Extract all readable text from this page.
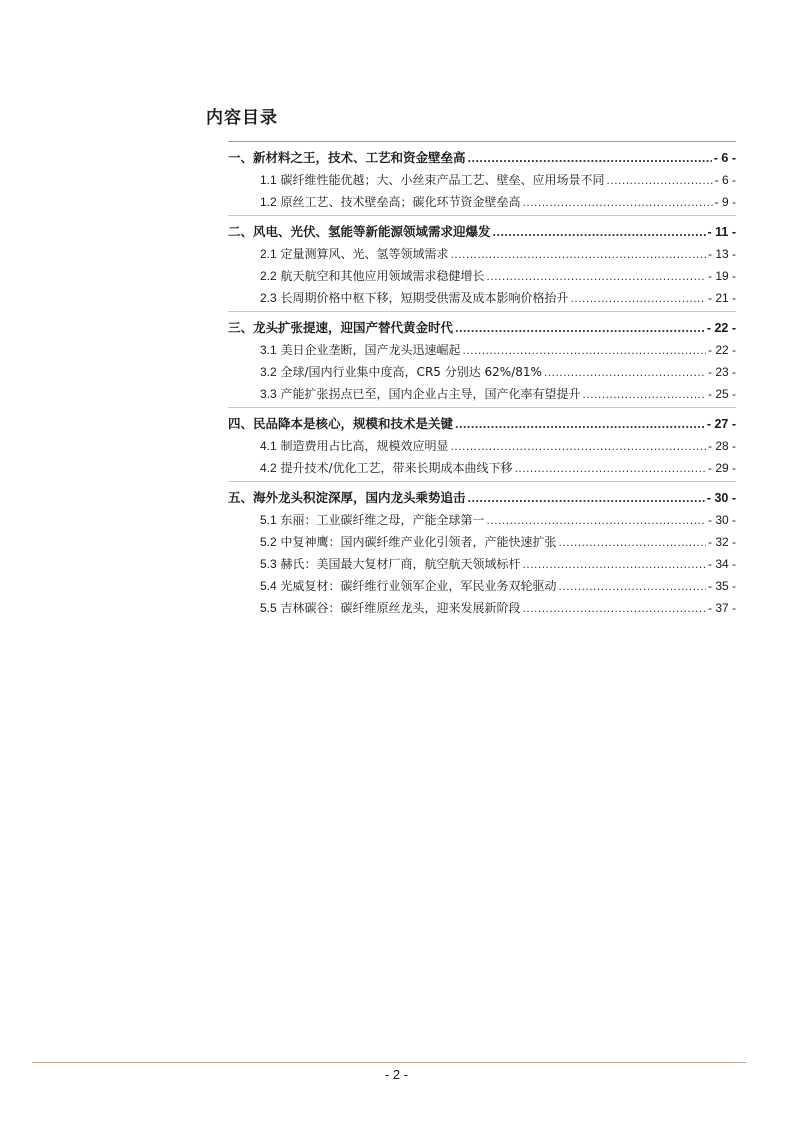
内容目录
一、新材料之王，技术、工艺和资金壁垒高 .....	- 6 -
1.1 碳纤维性能优越；大、小丝束产品工艺、壁垒、应用场景不同 .....	- 6 -
1.2 原丝工艺、技术壁垒高；碳化环节资金壁垒高 .....	- 9 -
二、风电、光伏、氢能等新能源领域需求迎爆发 .....	- 11 -
2.1 定量测算风、光、氢等领域需求 .....	- 13 -
2.2 航天航空和其他应用领域需求稳健增长 .....	- 19 -
2.3 长周期价格中枢下移，短期受供需及成本影响价格抬升 .....	- 21 -
三、龙头扩张提速，迎国产替代黄金时代 .....	- 22 -
3.1 美日企业垄断，国产龙头迅速崛起 .....	- 22 -
3.2 全球/国内行业集中度高，CR5 分别达 62%/81% .....	- 23 -
3.3 产能扩张拐点已至，国内企业占主导，国产化率有望提升 .....	- 25 -
四、民品降本是核心，规模和技术是关键 .....	- 27 -
4.1 制造费用占比高，规模效应明显 .....	- 28 -
4.2 提升技术/优化工艺，带来长期成本曲线下移 .....	- 29 -
五、海外龙头积淀深厚，国内龙头乘势追击 .....	- 30 -
5.1 东丽：工业碳纤维之母，产能全球第一 .....	- 30 -
5.2 中复神鹰：国内碳纤维产业化引领者，产能快速扩张 .....	- 32 -
5.3 赫氏：美国最大复材厂商，航空航天领域标杆 .....	- 34 -
5.4 光威复材：碳纤维行业领军企业，军民业务双轮驱动 .....	- 35 -
5.5 吉林碳谷：碳纤维原丝龙头，迎来发展新阶段 .....	- 37 -
- 2 -
